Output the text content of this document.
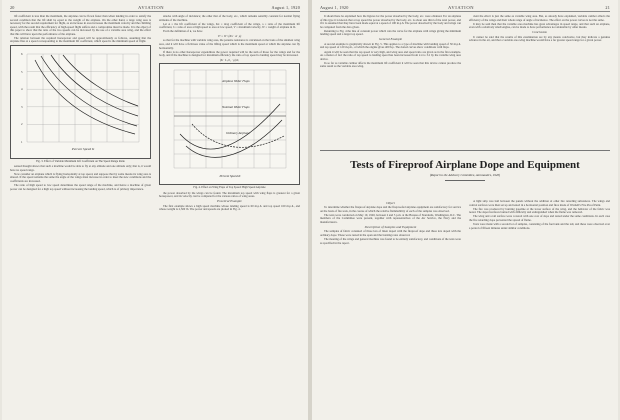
20	AVIATION	August 1, 1920

lift coefficient is less than the maximum, the airplane can be flown faster than when landing in order to satisfy the second condition that the lift shall be equal to the weight of the airplane. On the other hand, a large wing area is necessary for the second requirement for flight, as an increase in area increases the maximum velocity and the climbing speed, with the result that the efficiency of high-speed flight suffers and a compromise must be made. It is the object of this paper to show that the ratio of the two speeds can be increased by the use of a variable area wing, and the effect that this will have upon the performance of the airplane.

The relation between the required horsepower and speed will be approximately as follows, assuming that the airplane flies at a speed corresponding to the maximum lift coefficient, which speed is the minimum speed of flight.

1
2
3
4
5
6
Percent Speed K
Fig. 3. Effect of Variable Maximum Lift Coefficient on The Speed Range Ratio

sensed thought shows that such a machine would be able to fly at any altitude and one altitude only; that is, it would have no speed range.

Now consider an airplane which is flying horizontally at top speed, and suppose that by some means its wing area is altered. If the speed remains the same the angle of the wings must increase in order to meet the new conditions and the coefficients are increased.

The ratio of high speed to low speed determines the speed range of the machine, and hence a machine of given power can be designed for a high top speed without increasing the landing speed, which is of primary importance.

attacks with angle of incidence; the other that of the body, etc., which remains sensibly constant for normal flying attitudes of the machine.

Let A = the lift coefficient of the wings, Kx = drag coefficient of the wings, a = ratio of the maximum lift coefficient, b = ratio of area at high speed to area at low speed, V = maximum velocity, W = weight of airplane in lb.

From the definition of k, we have

V² = W / (Kx · A · ρ)

so that for the machine with variable wing area, the parasite resistance is calculated on the basis of the smallest wing area, and it will have a fictitious value of the lifting speed which is the maximum speed at which the airplane can fly horizontally.

If there is no other horsepower expenditure the power required will be the sum of those for the wings and for the body, and if the machine is designed for maximum efficiency the ratio of top speed to landing speed may be increased.

(K · L₁/L₂ · ρ) K,
Airplane Wider Flaps
Nominal Wider Flaps
Ordinary Airplane
Percent Speed K
Fig. 4. Effect on Wing Flaps of Top Speed: High Speed Airplane

the power absorbed by the wings can be found. The maximum top speed with wing flaps is greatest for a given horsepower, and its velocity can be computed for the various ratios of wing areas.

Practical Example

The first example shows a high speed machine whose landing speed is 60 m.p.h. and top speed 160 m.p.h., and whose weight is 2,500 lb. The power and speeds are plotted in Fig. 4.

August 1, 1920	AVIATION	21

It should here be explained how the figures for the power absorbed by the body, etc. were obtained. For an airplane of this type it is known that at top speed the power absorbed by the body, etc. is about one third of the total power, and if it is assumed that they have been made equal at a speed of 100 m.p.h. The power absorbed by the body and wings can be computed from the data given.

Returning to Fig. 4 the line of constant power which cuts the curve for the airplane with wings giving the minimum landing speed and a larger top speed.

General Example

A second example is graphically shown in Fig. 5. This applies to a type of machine with landing speed of 50 m.p.h. and top speed of 120 m.p.h., of which the engine gives 400 h.p. The dotted curves show conditions with flaps.

Again it will be seen that the top speed is very high, and wing area and speed ratio are given as in the first example. As a matter of fact the ratio of top speed to landing speed has been increased from 2.4 to 3.2 by the variable wing area device.

In so far as variable camber affects the maximum lift coefficient it will be seen that this device cannot produce the same result as the variable area wing.

cient the effect is just the same as variable wing area. But, as already have explained, variable camber affects the efficiency of the wings and their whole range of angle of incidence. The effect on the power curves is not the same.

It may be said then that the variable area machine has great advantages in speed range, and that such an airplane, even with a relatively small engine, can be made to have performance not attainable by other means.

Conclusion

It cannot be said that the results of this examination are by any means conclusive, but they indicate a genuine advance in the art, and that a variable area wing machine would have a far greater speed range for a given power.

Tests of Fireproof Airplane Dope and Equipment
(Report to the Advisory Committee, Aeronautics, 1920)
Object

To determine whether the fireproof airplane dope and the fireproofed airplane equipment are satisfactory for service on the basis of fire tests, in the course of which the relative flammability of each of the samples was observed.

The tests were conducted on May 19, 1920, between 2 and 5 p.m. at the Bureau of Standards, Washington, D.C. The members of the Committee were present, together with representatives of the Air Service, the Navy and the manufacturers.

Description of Samples and Equipment

The samples of fabric consisted of three lots of linen doped with the fireproof dope and three lots doped with the ordinary dope. These were tested in the open and the burning rates observed.

The meeting of the wings and general machine was found to be entirely satisfactory, and conditions of the tests were as specified in the report.

A light strip was laid between the panels without the addition of other fire retarding substances. The wings and control surfaces were then set up and tested in a horizontal position and fires made of Wardell's Fire Proof Paint.

The fire was produced by burning gasoline at the lower surface of the wing, and the behavior of the fabric was noted. The doped surfaces burned with difficulty and extinguished when the flame was removed.

The wing and a tail surface were covered with one coat of dope and tested under the same conditions. In each case the fire retarding dope prevented the spread of flame.

Tests were made with a second lot of samples, consisting of the fuel tank and the tail, and these were observed over a period of fifteen minutes under similar conditions.
